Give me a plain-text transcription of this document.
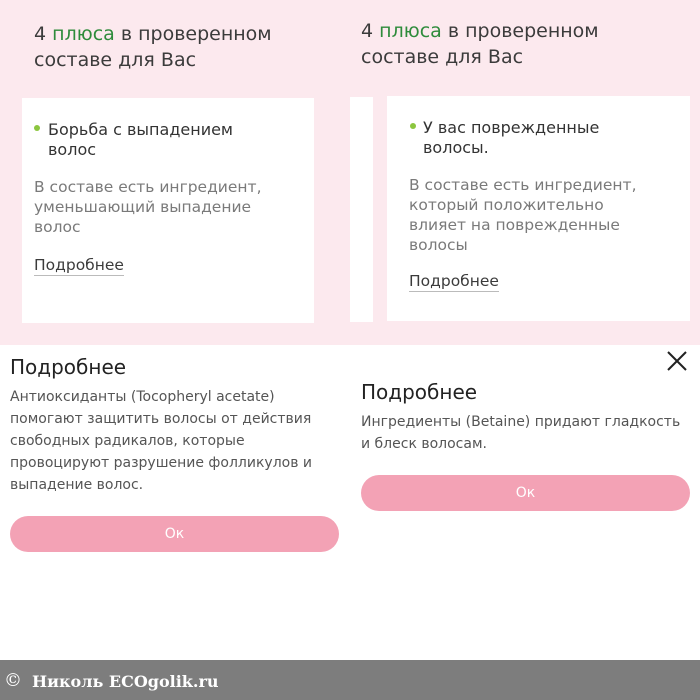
4 плюса в проверенном
составе для Вас

Борьба с выпадением
волос

В составе есть ингредиент,
уменьшающий выпадение
волос

Подробнее
Подробнее

Антиоксиданты (Tocopheryl acetate)
помогают защитить волосы от действия
свободных радикалов, которые
провоцируют разрушение фолликулов и
выпадение волос.

Ок
4 плюса в проверенном
составе для Вас

У вас поврежденные
волосы.

В составе есть ингредиент,
который положительно
влияет на поврежденные
волосы

Подробнее
Подробнее

Ингредиенты (Betaine) придают гладкость
и блеск волосам.

Ок
© Николь ECOgolik.ru
